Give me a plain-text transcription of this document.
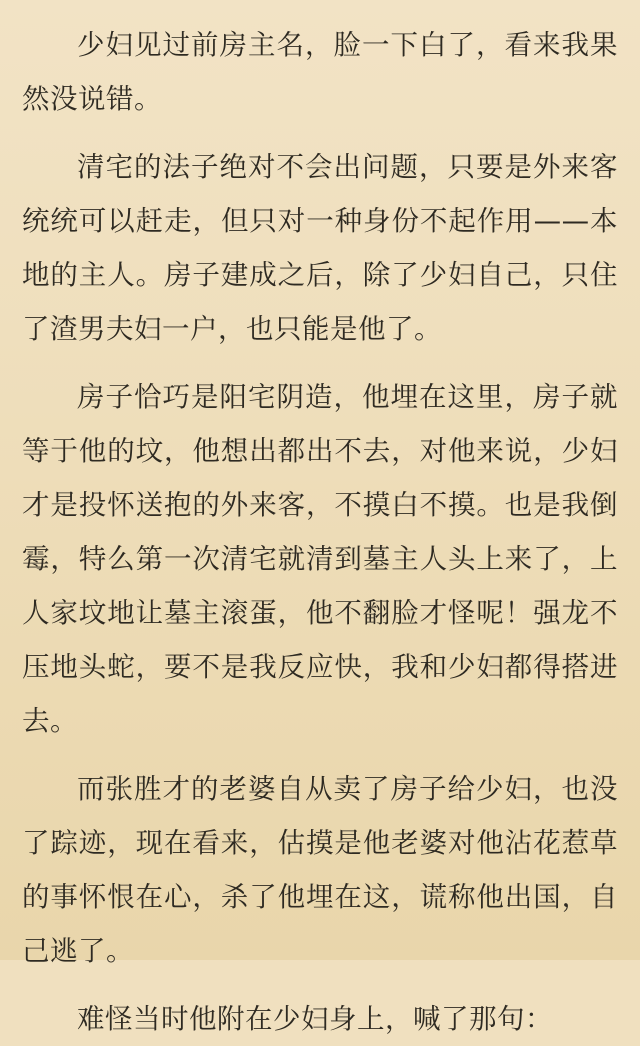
少妇见过前房主名，脸一下白了，看来我果然没说错。

清宅的法子绝对不会出问题，只要是外来客统统可以赶走，但只对一种身份不起作用——本地的主人。房子建成之后，除了少妇自己，只住了渣男夫妇一户，也只能是他了。

房子恰巧是阳宅阴造，他埋在这里，房子就等于他的坟，他想出都出不去，对他来说，少妇才是投怀送抱的外来客，不摸白不摸。也是我倒霉，特么第一次清宅就清到墓主人头上来了，上人家坟地让墓主滚蛋，他不翻脸才怪呢！强龙不压地头蛇，要不是我反应快，我和少妇都得搭进去。

而张胜才的老婆自从卖了房子给少妇，也没了踪迹，现在看来，估摸是他老婆对他沾花惹草的事怀恨在心，杀了他埋在这，谎称他出国，自己逃了。

难怪当时他附在少妇身上，喊了那句：
